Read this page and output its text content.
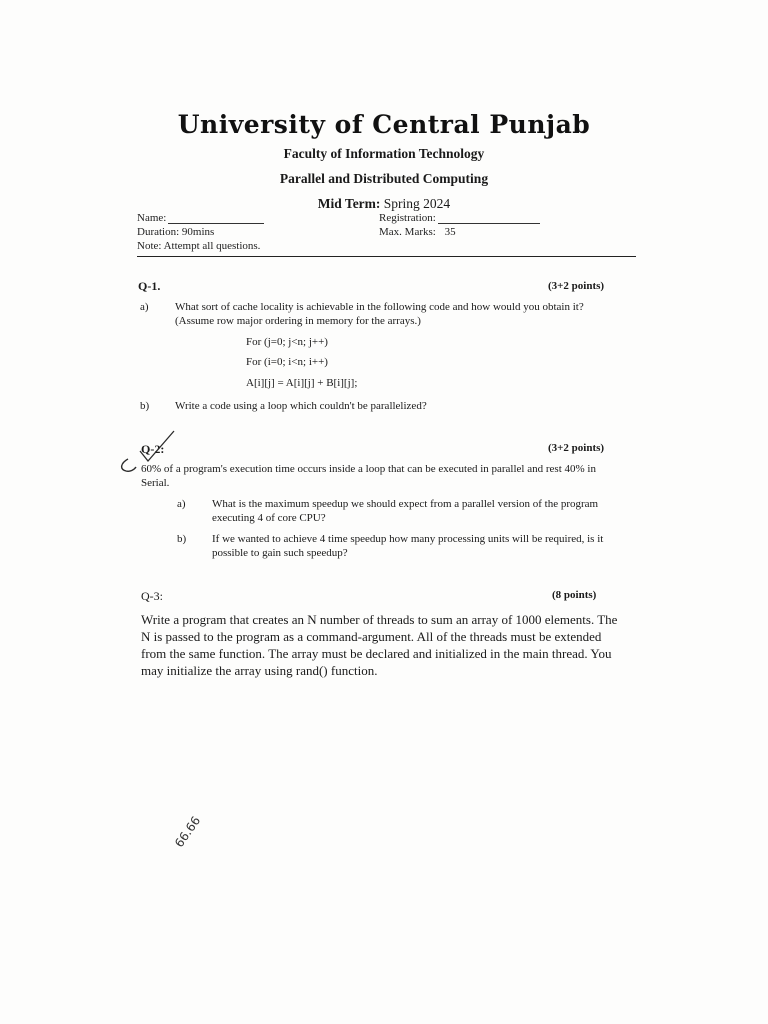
University of Central Punjab
Faculty of Information Technology
Parallel and Distributed Computing
Mid Term: Spring 2024
Name:	Registration:
Duration: 90mins	Max. Marks: 35
Note: Attempt all questions.
Q-1.	(3+2 points)
a) What sort of cache locality is achievable in the following code and how would you obtain it?
(Assume row major ordering in memory for the arrays.)
For (j=0; j<n; j++)
For (i=0; i<n; i++)
A[i][j] = A[i][j] + B[i][j];
b) Write a code using a loop which couldn't be parallelized?
Q-2:	(3+2 points)
60% of a program's execution time occurs inside a loop that can be executed in parallel and rest 40% in
Serial.
a) What is the maximum speedup we should expect from a parallel version of the program
executing 4 of core CPU?
b) If we wanted to achieve 4 time speedup how many processing units will be required, is it
possible to gain such speedup?
Q-3:	(8 points)
Write a program that creates an N number of threads to sum an array of 1000 elements. The
N is passed to the program as a command-argument. All of the threads must be extended
from the same function. The array must be declared and initialized in the main thread. You
may initialize the array using rand() function.
66.66
